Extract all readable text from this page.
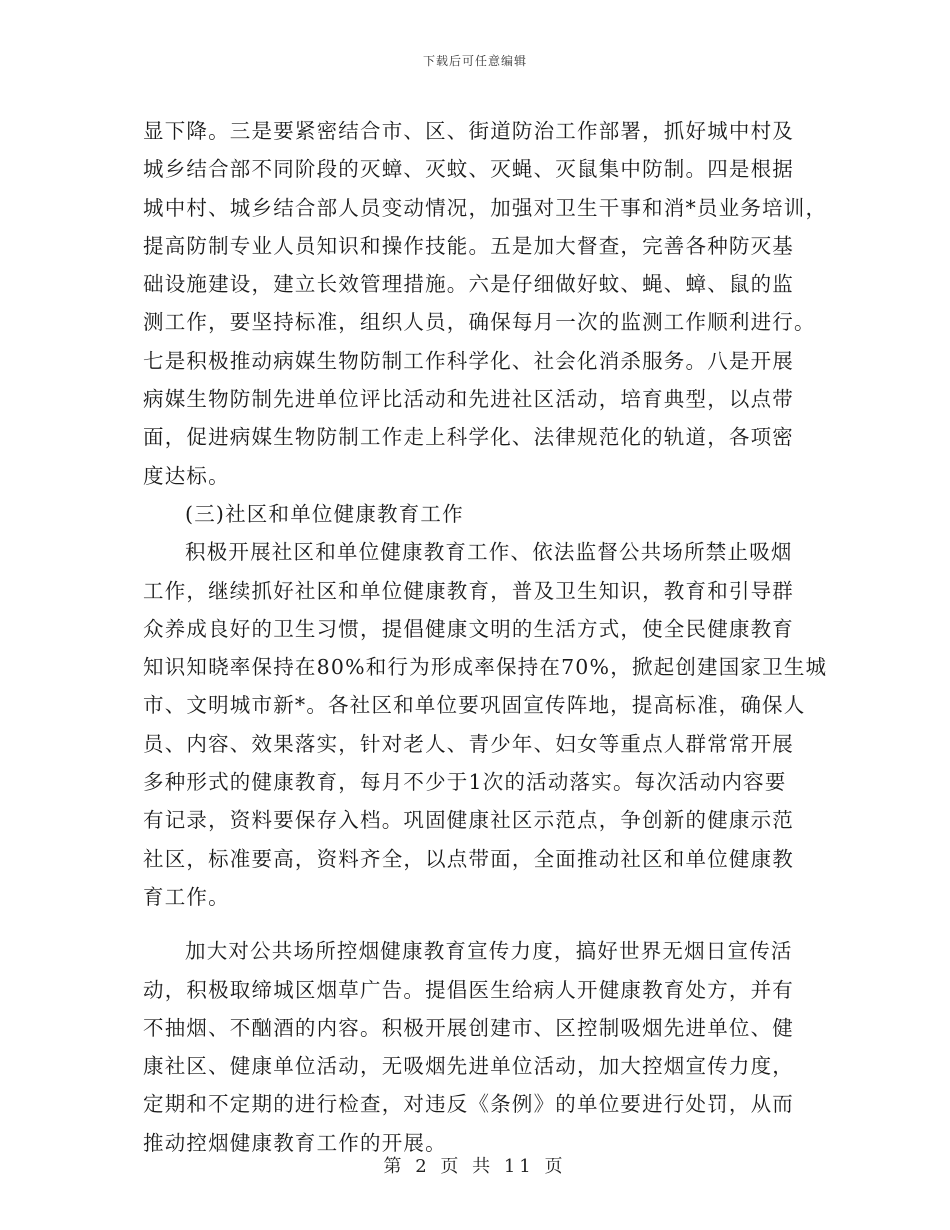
下载后可任意编辑
显下降。三是要紧密结合市、区、街道防治工作部署，抓好城中村及
城乡结合部不同阶段的灭蟑、灭蚊、灭蝇、灭鼠集中防制。四是根据
城中村、城乡结合部人员变动情况，加强对卫生干事和消*员业务培训，
提高防制专业人员知识和操作技能。五是加大督查，完善各种防灭基
础设施建设，建立长效管理措施。六是仔细做好蚊、蝇、蟑、鼠的监
测工作，要坚持标准，组织人员，确保每月一次的监测工作顺利进行。
七是积极推动病媒生物防制工作科学化、社会化消杀服务。八是开展
病媒生物防制先进单位评比活动和先进社区活动，培育典型，以点带
面，促进病媒生物防制工作走上科学化、法律规范化的轨道，各项密
度达标。
(三)社区和单位健康教育工作
积极开展社区和单位健康教育工作、依法监督公共场所禁止吸烟
工作，继续抓好社区和单位健康教育，普及卫生知识，教育和引导群
众养成良好的卫生习惯，提倡健康文明的生活方式，使全民健康教育
知识知晓率保持在80%和行为形成率保持在70%，掀起创建国家卫生城
市、文明城市新*。各社区和单位要巩固宣传阵地，提高标准，确保人
员、内容、效果落实，针对老人、青少年、妇女等重点人群常常开展
多种形式的健康教育，每月不少于1次的活动落实。每次活动内容要
有记录，资料要保存入档。巩固健康社区示范点，争创新的健康示范
社区，标准要高，资料齐全，以点带面，全面推动社区和单位健康教
育工作。
加大对公共场所控烟健康教育宣传力度，搞好世界无烟日宣传活
动，积极取缔城区烟草广告。提倡医生给病人开健康教育处方，并有
不抽烟、不酗酒的内容。积极开展创建市、区控制吸烟先进单位、健
康社区、健康单位活动，无吸烟先进单位活动，加大控烟宣传力度，
定期和不定期的进行检查，对违反《条例》的单位要进行处罚，从而
推动控烟健康教育工作的开展。
第 2 页 共 11 页
